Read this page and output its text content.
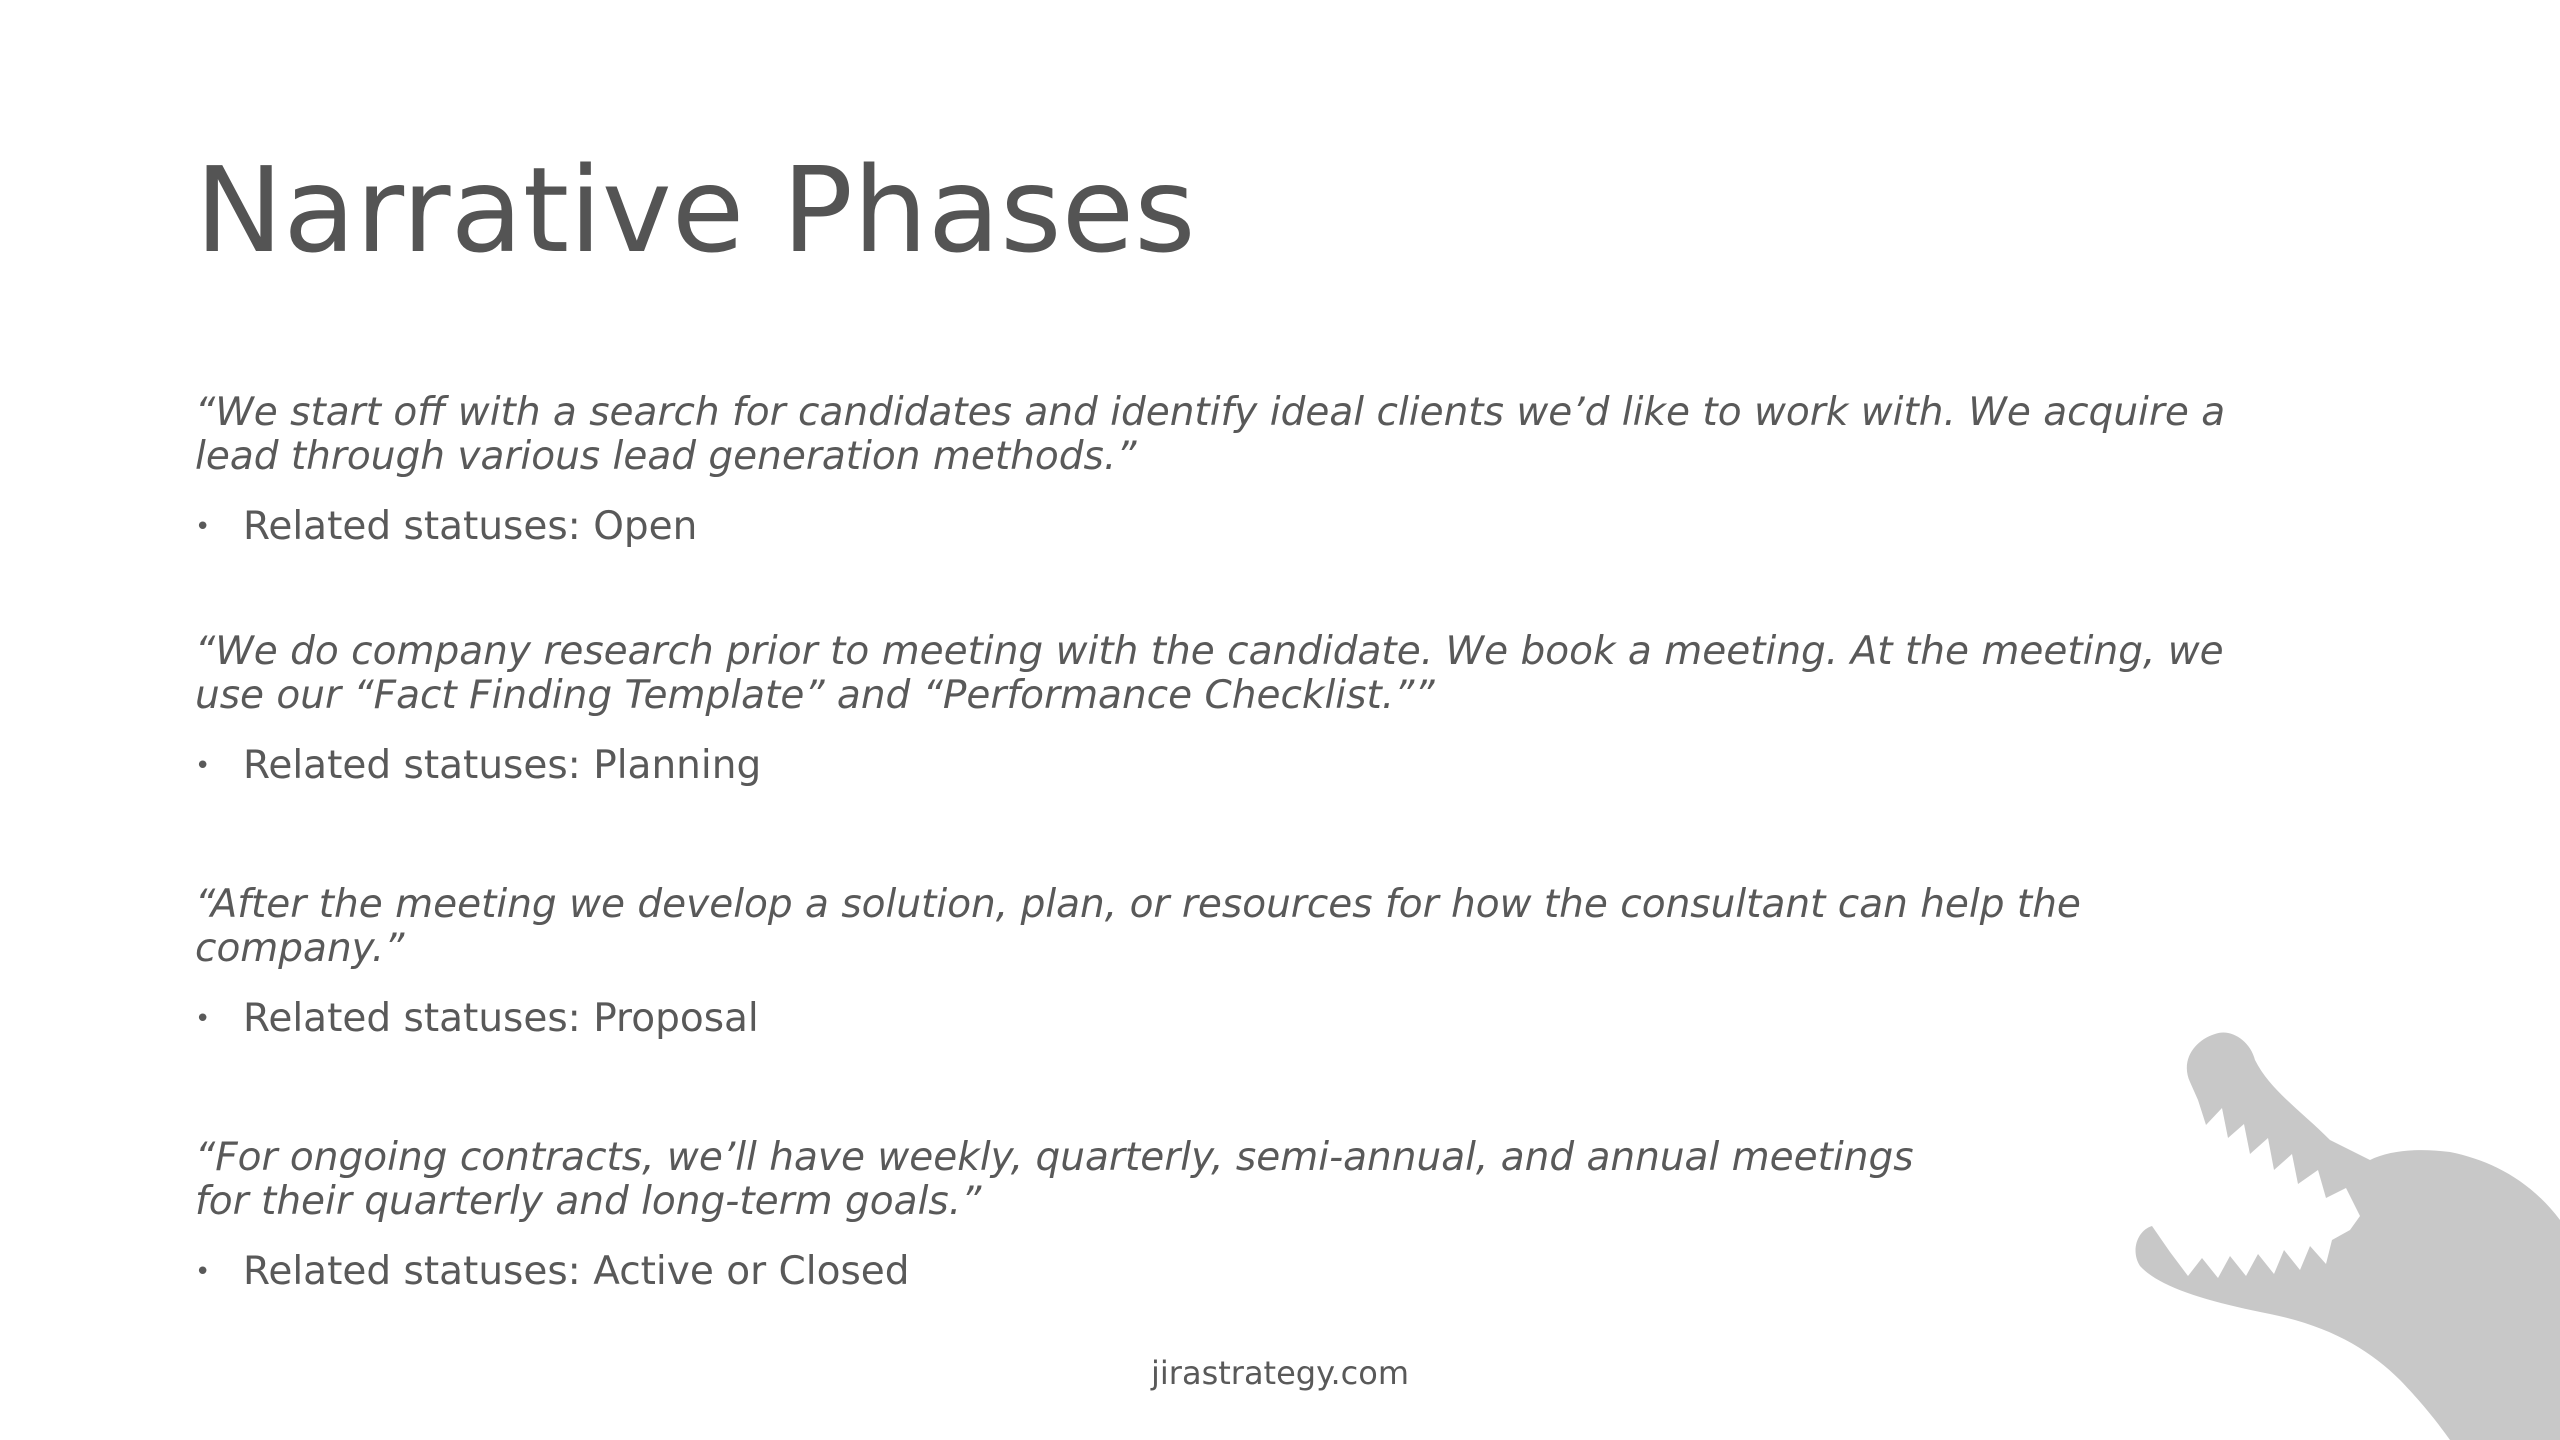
Narrative Phases

“We start off with a search for candidates and identify ideal clients we’d like to work with. We acquire a
lead through various lead generation methods.”

• Related statuses: Open

“We do company research prior to meeting with the candidate. We book a meeting. At the meeting, we
use our “Fact Finding Template” and “Performance Checklist.””

• Related statuses: Planning

“After the meeting we develop a solution, plan, or resources for how the consultant can help the
company.”

• Related statuses: Proposal

“For ongoing contracts, we’ll have weekly, quarterly, semi-annual, and annual meetings
for their quarterly and long-term goals.”

• Related statuses: Active or Closed

jirastrategy.com
